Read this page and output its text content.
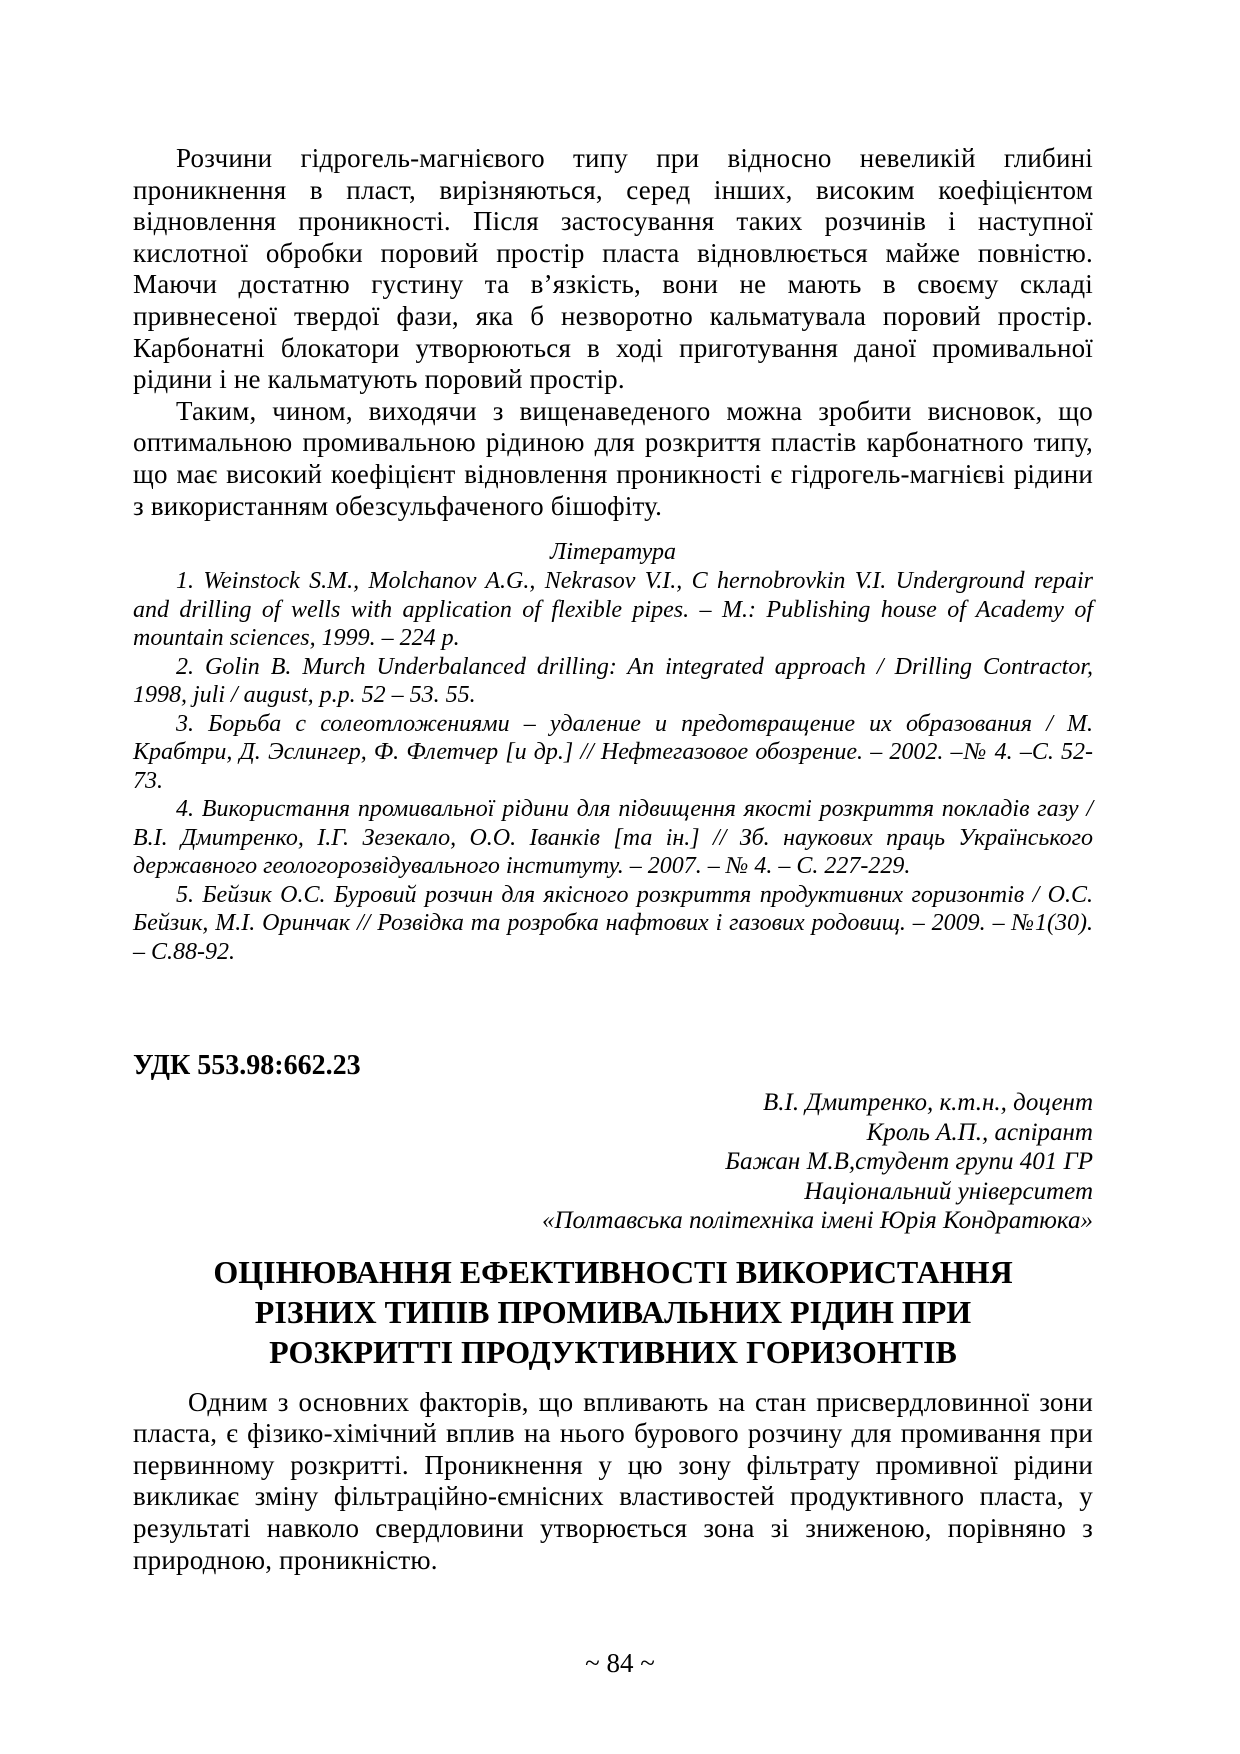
Розчини гідрогель-магнієвого типу при відносно невеликій глибині проникнення в пласт, вирізняються, серед інших, високим коефіцієнтом відновлення проникності. Після застосування таких розчинів і наступної кислотної обробки поровий простір пласта відновлюється майже повністю. Маючи достатню густину та в’язкість, вони не мають в своєму складі привнесеної твердої фази, яка б незворотно кальматувала поровий простір. Карбонатні блокатори утворюються в ході приготування даної промивальної рідини і не кальматують поровий простір.

Таким, чином, виходячи з вищенаведеного можна зробити висновок, що оптимальною промивальною рідиною для розкриття пластів карбонатного типу, що має високий коефіцієнт відновлення проникності є гідрогель-магнієві рідини з використанням обезсульфаченого бішофіту.

Література

1. Weinstock S.M., Molchanov A.G., Nekrasov V.I., C hernobrovkin V.I. Underground repair and drilling of wells with application of flexible pipes. – M.: Publishing house of Academy of mountain sciences, 1999. – 224 p.

2. Golin B. Murch Underbalanced drilling: An integrated approach / Drilling Contractor, 1998, juli / august, p.p. 52 – 53. 55.

3. Борьба с солеотложениями – удаление и предотвращение их образования / М. Крабтри, Д. Эслингер, Ф. Флетчер [и др.] // Нефтегазовое обозрение. – 2002. –№ 4. –С. 52-73.

4. Використання промивальної рідини для підвищення якості розкриття покладів газу / В.І. Дмитренко, І.Г. Зезекало, О.О. Іванків [та ін.] // Зб. наукових праць Українського державного геологорозвідувального інституту. – 2007. – № 4. – С. 227-229.

5. Бейзик О.С. Буровий розчин для якісного розкриття продуктивних горизонтів / О.С. Бейзик, М.І. Оринчак // Розвідка та розробка нафтових і газових родовищ. – 2009. – №1(30). – С.88-92.

УДК 553.98:662.23
В.І. Дмитренко, к.т.н., доцент
Кроль А.П., аспірант
Бажан М.В,студент групи 401 ГР
Національний університет
«Полтавська політехніка імені Юрія Кондратюка»
ОЦІНЮВАННЯ ЕФЕКТИВНОСТІ ВИКОРИСТАННЯ РІЗНИХ ТИПІВ ПРОМИВАЛЬНИХ РІДИН ПРИ РОЗКРИТТІ ПРОДУКТИВНИХ ГОРИЗОНТІВ

Одним з основних факторів, що впливають на стан присвердловинної зони пласта, є фізико-хімічний вплив на нього бурового розчину для промивання при первинному розкритті. Проникнення у цю зону фільтрату промивної рідини викликає зміну фільтраційно-ємнісних властивостей продуктивного пласта, у результаті навколо свердловини утворюється зона зі зниженою, порівняно з природною, проникністю.

~ 84 ~
